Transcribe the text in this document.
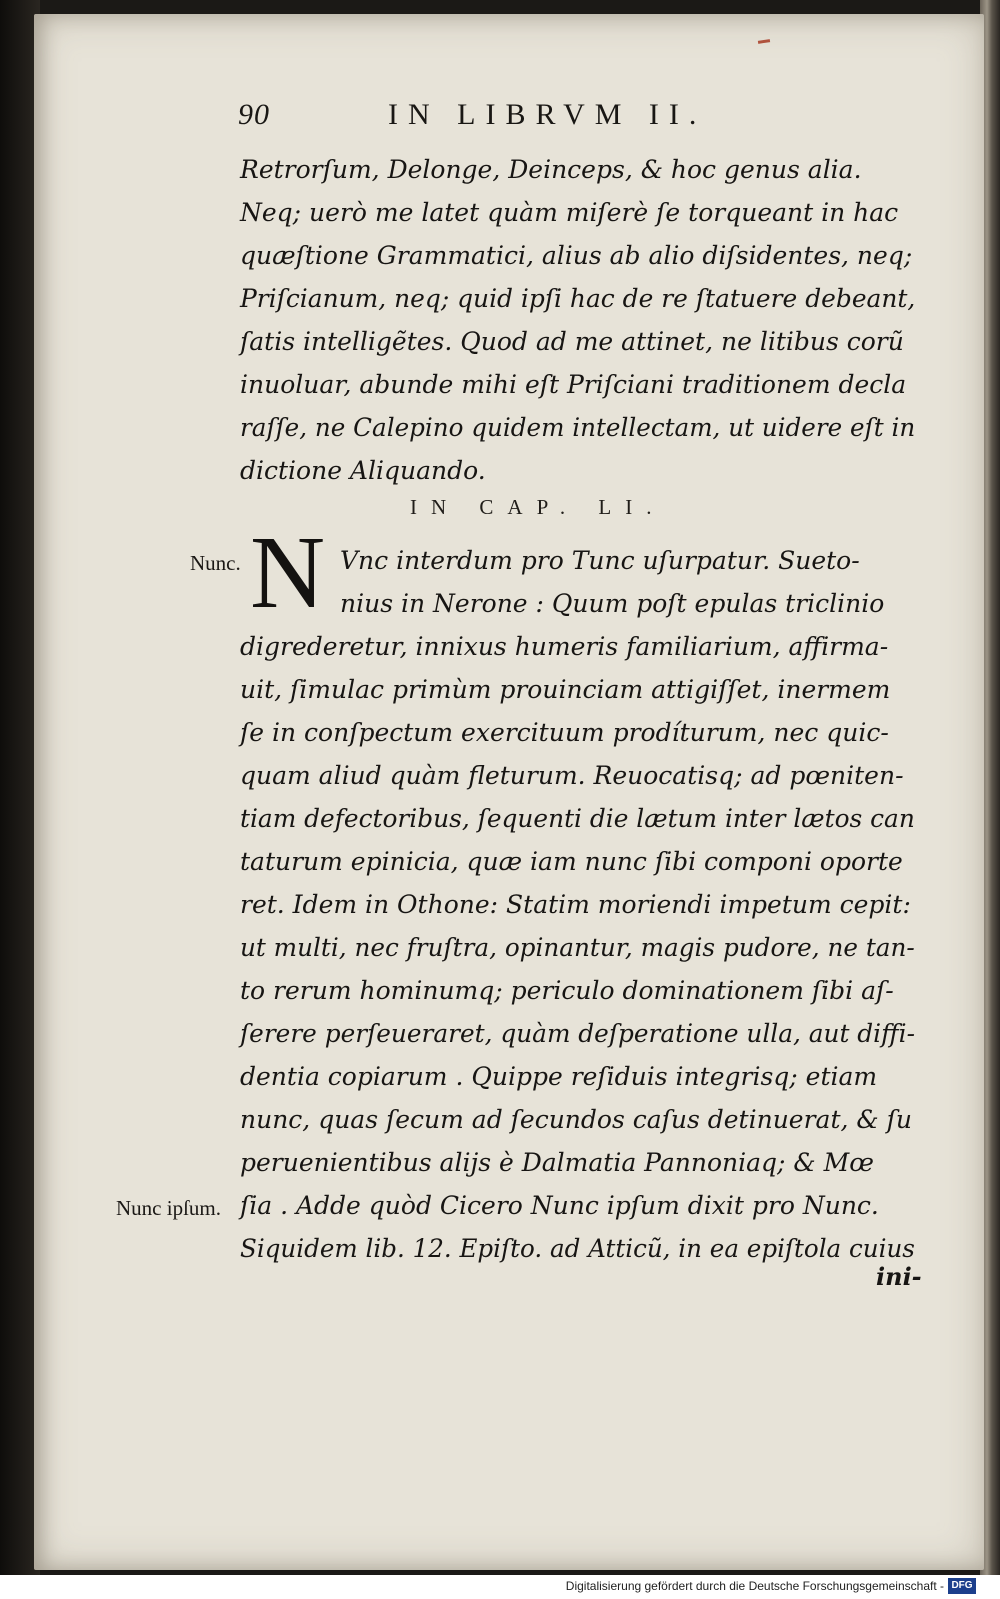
90	IN LIBRVM II.
Retrorſum, Delonge, Deinceps, & hoc genus alia.
Neq; uerò me latet quàm miſerè ſe torqueant in hac
quæſtione Grammatici, alius ab alio diſsidentes, neq;
Priſcianum, neq; quid ipſi hac de re ſtatuere debeant,
ſatis intelligẽtes. Quod ad me attinet, ne litibus corũ
inuoluar, abunde mihi eſt Priſciani traditionem decla
raſſe, ne Calepino quidem intellectam, ut uidere eſt in
dictione Aliquando.
IN CAP. LI.
Nunc. N Vnc interdum pro Tunc uſurpatur. Sueto-
nius in Nerone : Quum poſt epulas triclinio
digrederetur, innixus humeris familiarium, affirma-
uit, ſimulac primùm prouinciam attigiſſet, inermem
ſe in conſpectum exercituum prodíturum, nec quic-
quam aliud quàm fleturum. Reuocatisq; ad pœniten-
tiam defectoribus, ſequenti die lætum inter lætos can
taturum epinicia, quæ iam nunc ſibi componi oporte
ret. Idem in Othone: Statim moriendi impetum cepit:
ut multi, nec fruſtra, opinantur, magis pudore, ne tan-
to rerum hominumq; periculo dominationem ſibi aſ-
ſerere perſeueraret, quàm deſperatione ulla, aut diffi-
dentia copiarum . Quippe reſiduis integrisq; etiam
nunc, quas ſecum ad ſecundos caſus detinuerat, & ſu
peruenientibus alijs è Dalmatia Pannoniaq; & Mœ
ſia . Adde quòd Cicero Nunc ipſum dixit pro Nunc.
Siquidem lib. 12. Epiſto. ad Atticũ, in ea epiſtola cuius
Nunc ipſum.
ini-
Digitalisierung gefördert durch die Deutsche Forschungsgemeinschaft - DFG
